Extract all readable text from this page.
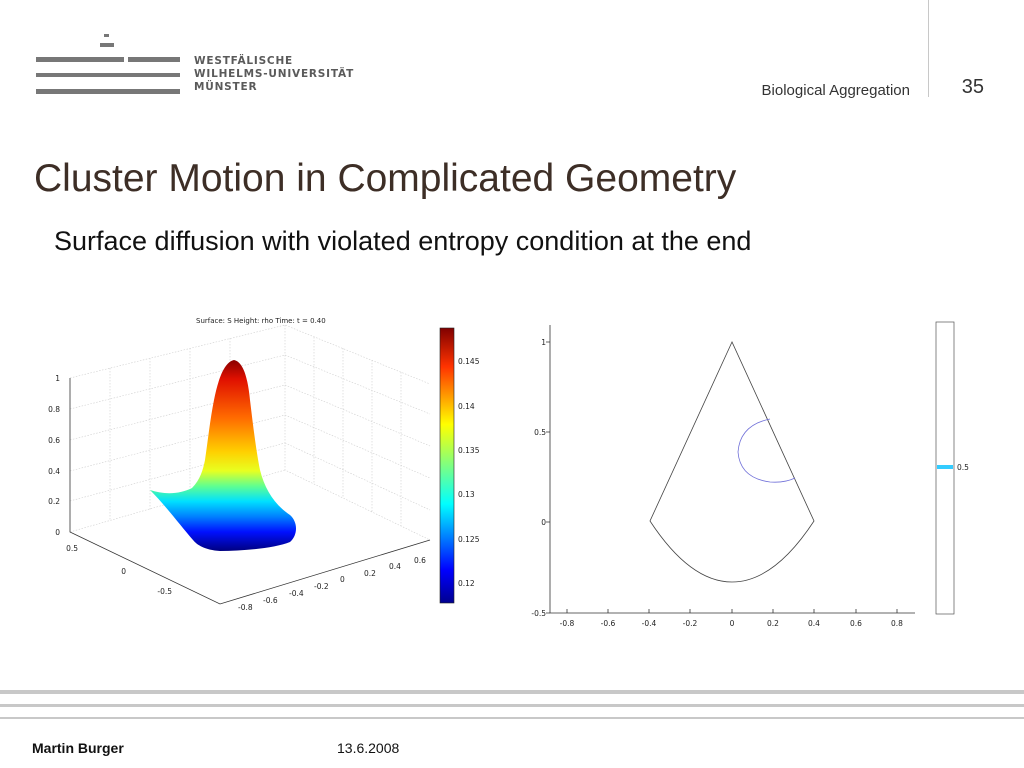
WESTFÄLISCHE
WILHELMS-UNIVERSITÄT
MÜNSTER	Biological Aggregation	35
Cluster Motion in Complicated Geometry
Surface diffusion with violated entropy condition at the end
Surface: S Height: rho Time: t = 0.40
1
0.8
0.6
0.4
0.2
0
0.5
0
-0.5
-0.8
-0.6
-0.4
-0.2
0
0.2
0.4
0.6
0.145
0.14
0.135
0.13
0.125
0.12
1
0.5
0
-0.5
-0.8	-0.6	-0.4	-0.2	0	0.2	0.4	0.6	0.8
0.5
Martin Burger	13.6.2008
